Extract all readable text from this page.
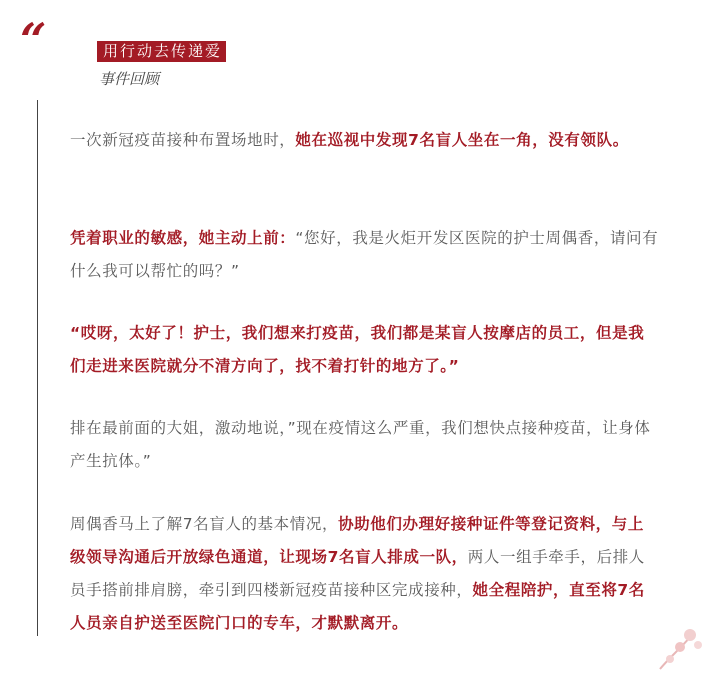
“	用行动去传递爱
事件回顾

一次新冠疫苗接种布置场地时，她在巡视中发现7名盲人坐在一角，没有领队。

凭着职业的敏感，她主动上前：“您好，我是火炬开发区医院的护士周偶香，请问有什么我可以帮忙的吗？”

“哎呀，太好了！护士，我们想来打疫苗，我们都是某盲人按摩店的员工，但是我们走进来医院就分不清方向了，找不着打针的地方了。”

排在最前面的大姐，激动地说，”现在疫情这么严重，我们想快点接种疫苗，让身体产生抗体。”

周偶香马上了解7名盲人的基本情况，协助他们办理好接种证件等登记资料，与上级领导沟通后开放绿色通道，让现场7名盲人排成一队，两人一组手牵手，后排人员手搭前排肩膀，牵引到四楼新冠疫苗接种区完成接种，她全程陪护，直至将7名人员亲自护送至医院门口的专车，才默默离开。
